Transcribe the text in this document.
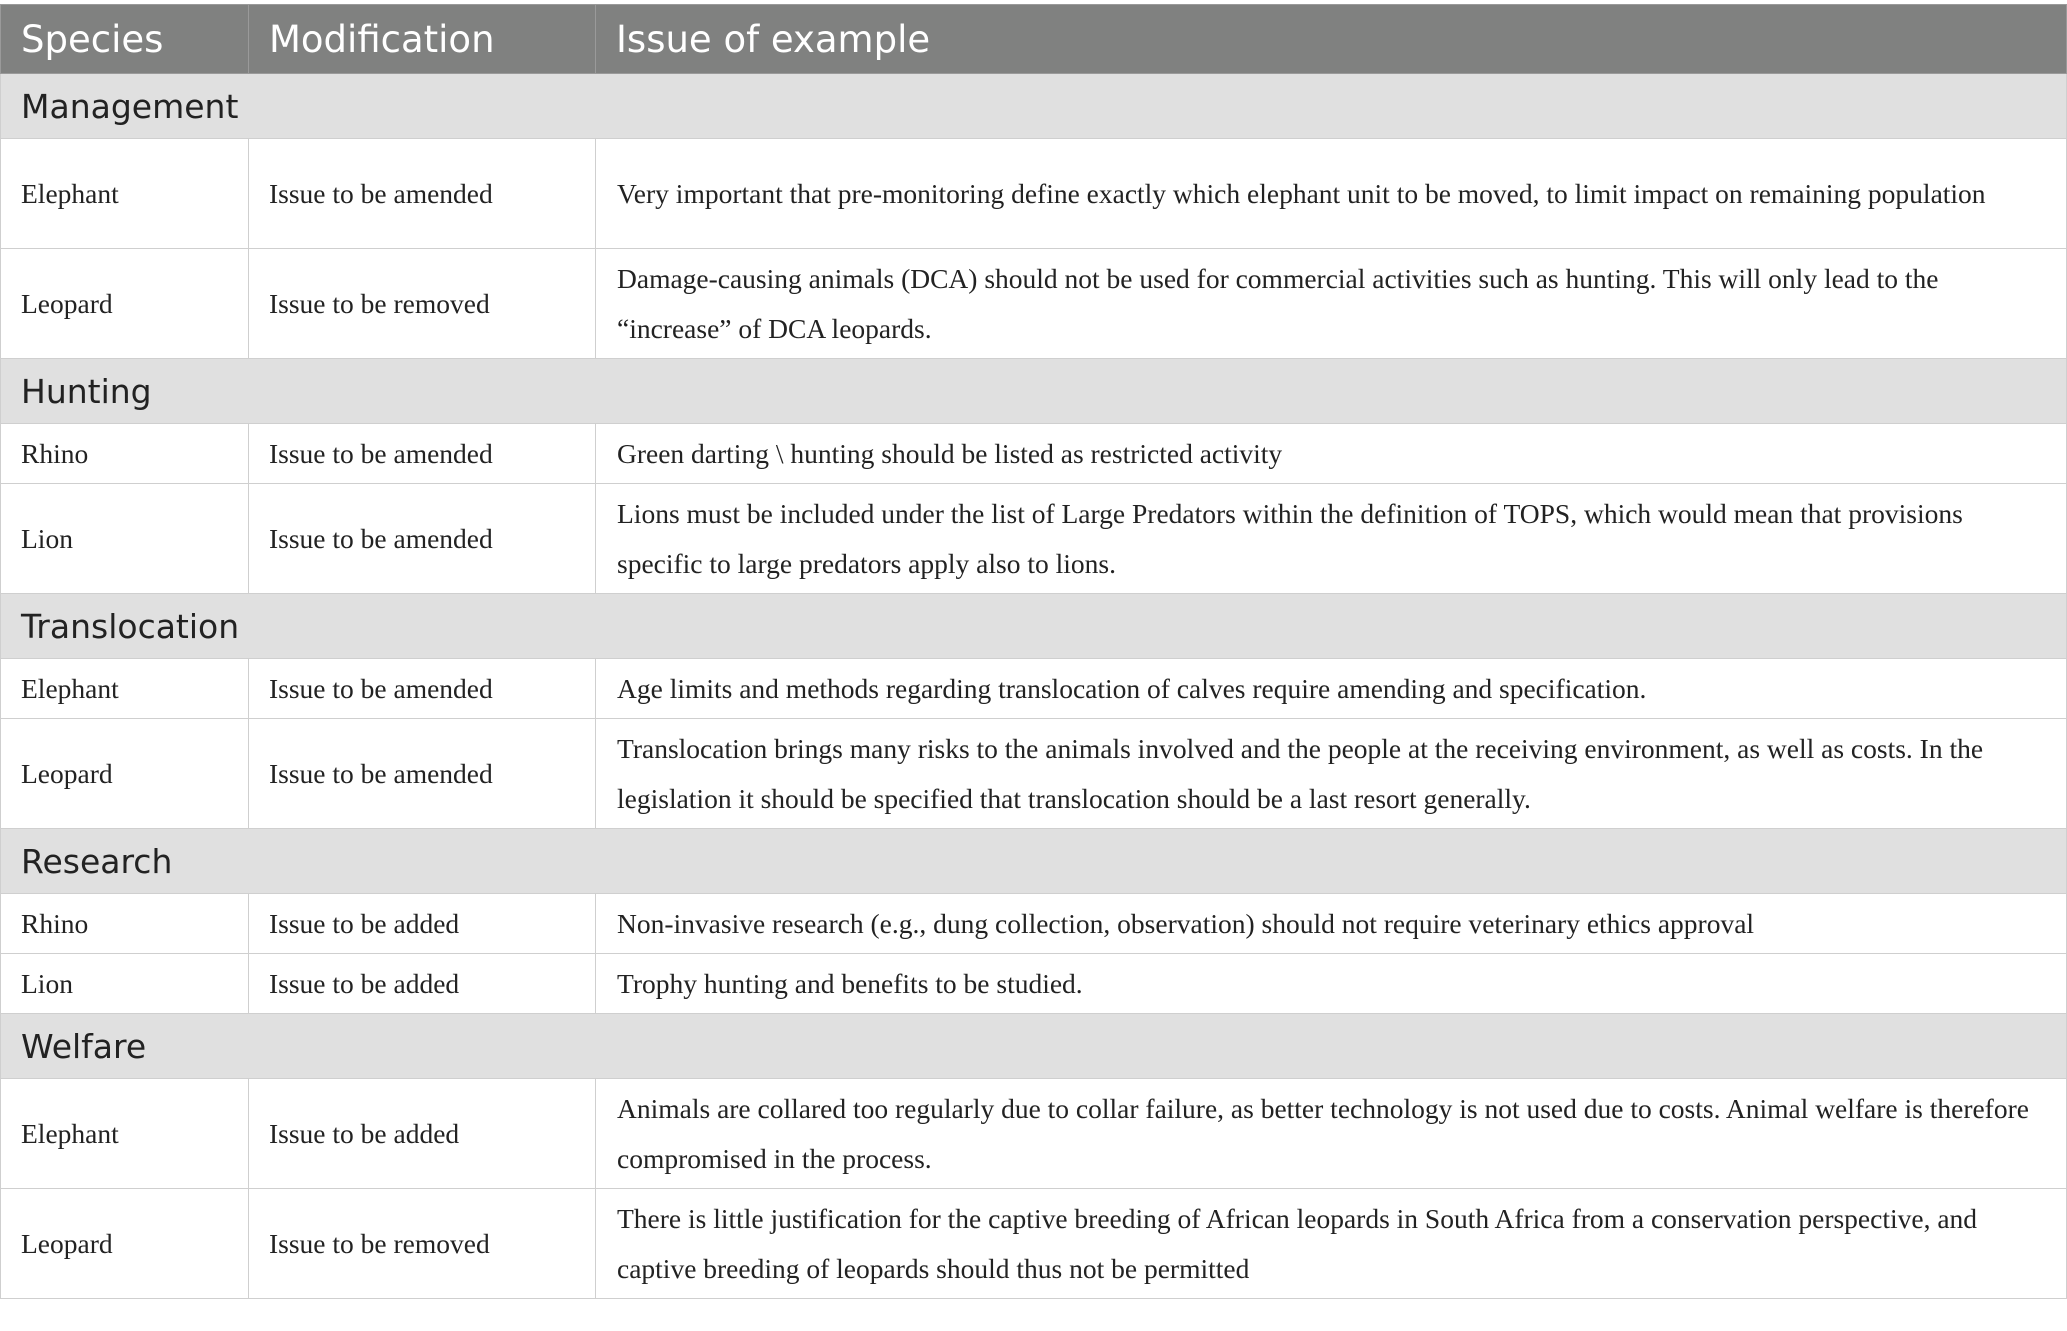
Species	Modification	Issue of example
Management		
Elephant	Issue to be amended	Very important that pre-monitoring define exactly which elephant unit to be moved, to limit impact on remaining population
Leopard	Issue to be removed	Damage-causing animals (DCA) should not be used for commercial activities such as hunting. This will only lead to the “increase” of DCA leopards.
Hunting		
Rhino	Issue to be amended	Green darting \ hunting should be listed as restricted activity
Lion	Issue to be amended	Lions must be included under the list of Large Predators within the definition of TOPS, which would mean that provisions specific to large predators apply also to lions.
Translocation		
Elephant	Issue to be amended	Age limits and methods regarding translocation of calves require amending and specification.
Leopard	Issue to be amended	Translocation brings many risks to the animals involved and the people at the receiving environment, as well as costs. In the legislation it should be specified that translocation should be a last resort generally.
Research		
Rhino	Issue to be added	Non-invasive research (e.g., dung collection, observation) should not require veterinary ethics approval
Lion	Issue to be added	Trophy hunting and benefits to be studied.
Welfare		
Elephant	Issue to be added	Animals are collared too regularly due to collar failure, as better technology is not used due to costs. Animal welfare is therefore compromised in the process.
Leopard	Issue to be removed	There is little justification for the captive breeding of African leopards in South Africa from a conservation perspective, and captive breeding of leopards should thus not be permitted
